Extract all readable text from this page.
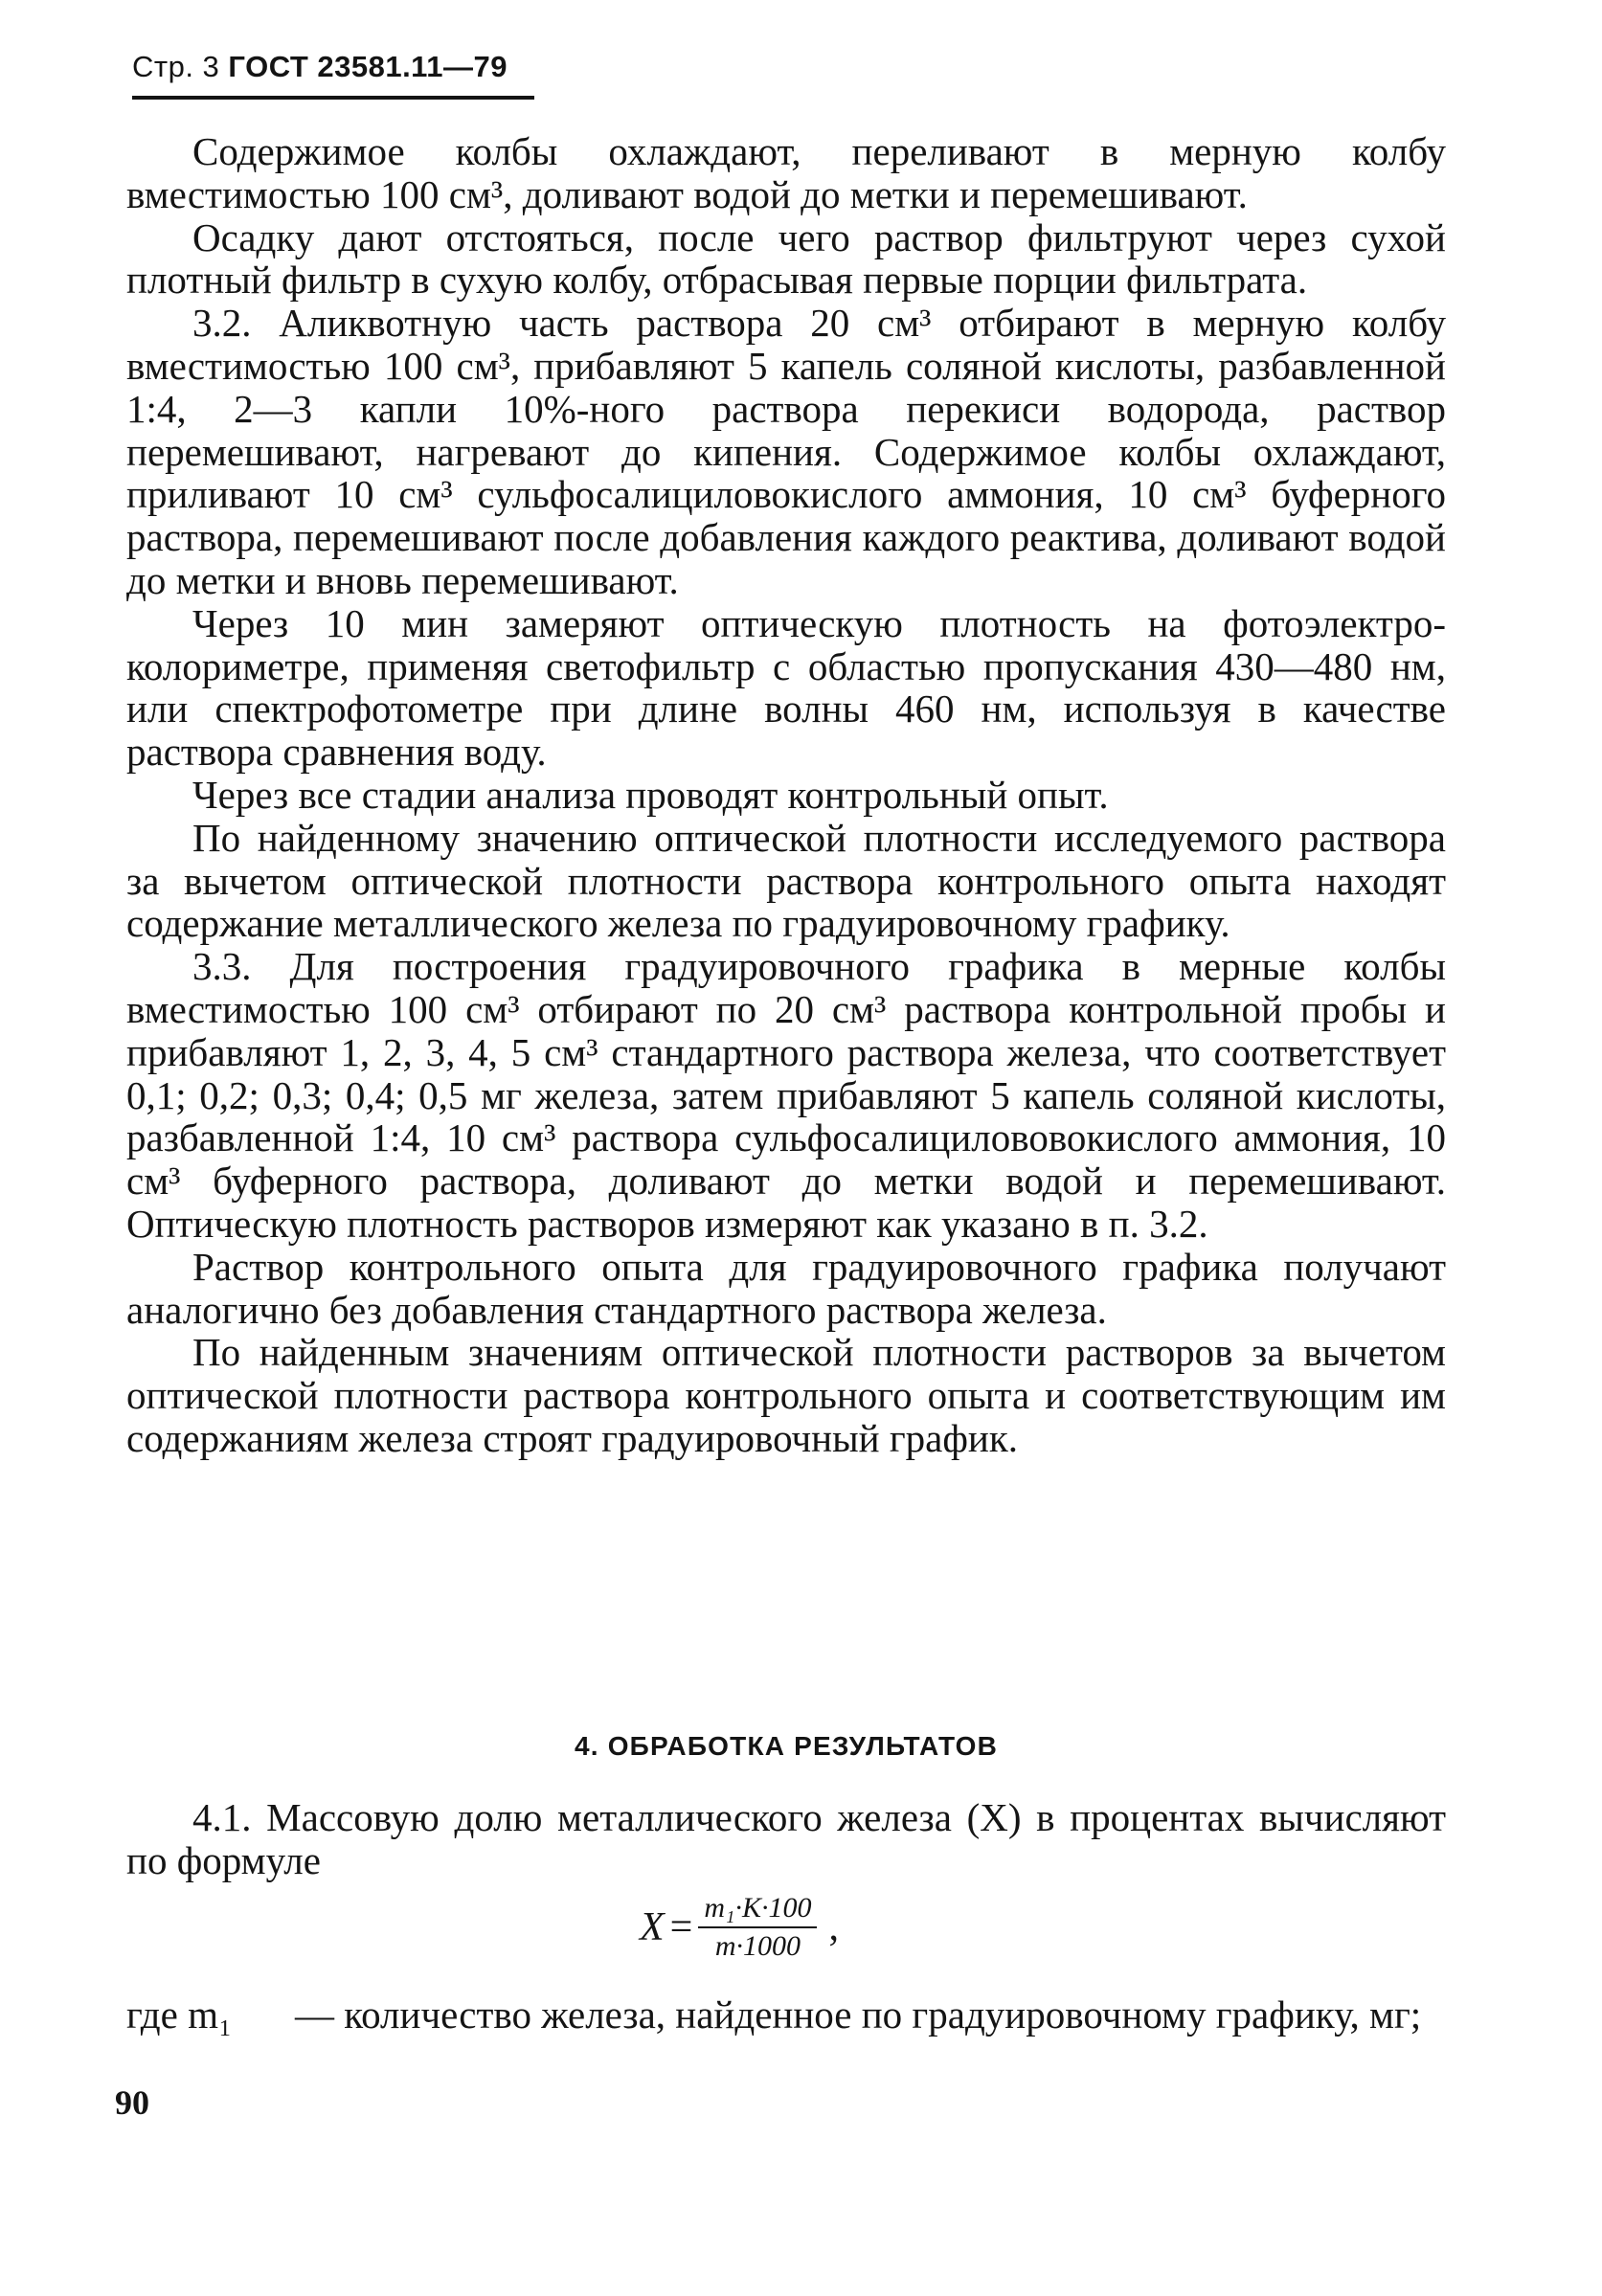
Стр. 3 ГОСТ 23581.11—79

Содержимое колбы охлаждают, переливают в мерную колбу вместимостью 100 см³, доливают водой до метки и перемешивают.

Осадку дают отстояться, после чего раствор фильтруют через сухой плотный фильтр в сухую колбу, отбрасывая первые порции фильтрата.

3.2. Аликвотную часть раствора 20 см³ отбирают в мерную колбу вместимостью 100 см³, прибавляют 5 капель соляной кислоты, разбавленной 1:4, 2—3 капли 10%-ного раствора перекиси водорода, раствор перемешивают, нагревают до кипения. Содержимое колбы охлаждают, приливают 10 см³ сульфосалициловокислого аммония, 10 см³ буферного раствора, перемешивают после добавления каждого реактива, доливают водой до метки и вновь перемешивают.

Через 10 мин замеряют оптическую плотность на фотоэлектроколориметре, применяя светофильтр с областью пропускания 430—480 нм, или спектрофотометре при длине волны 460 нм, используя в качестве раствора сравнения воду.

Через все стадии анализа проводят контрольный опыт.

По найденному значению оптической плотности исследуемого раствора за вычетом оптической плотности раствора контрольного опыта находят содержание металлического железа по градуировочному графику.

3.3. Для построения градуировочного графика в мерные колбы вместимостью 100 см³ отбирают по 20 см³ раствора контрольной пробы и прибавляют 1, 2, 3, 4, 5 см³ стандартного раствора железа, что соответствует 0,1; 0,2; 0,3; 0,4; 0,5 мг железа, затем прибавляют 5 капель соляной кислоты, разбавленной 1:4, 10 см³ раствора сульфосалицилововокислого аммония, 10 см³ буферного раствора, доливают до метки водой и перемешивают. Оптическую плотность растворов измеряют как указано в п. 3.2.

Раствор контрольного опыта для градуировочного графика получают аналогично без добавления стандартного раствора железа.

По найденным значениям оптической плотности растворов за вычетом оптической плотности раствора контрольного опыта и соответствующим им содержаниям железа строят градуировочный график.

4. ОБРАБОТКА РЕЗУЛЬТАТОВ

4.1. Массовую долю металлического железа (X) в процентах вычисляют по формуле

$X = \frac{\text{m₁·K·100}}{m\cdot 1000}$ ,
где m₁	— количество железа, найденное по градуировочному графику, мг;
90
